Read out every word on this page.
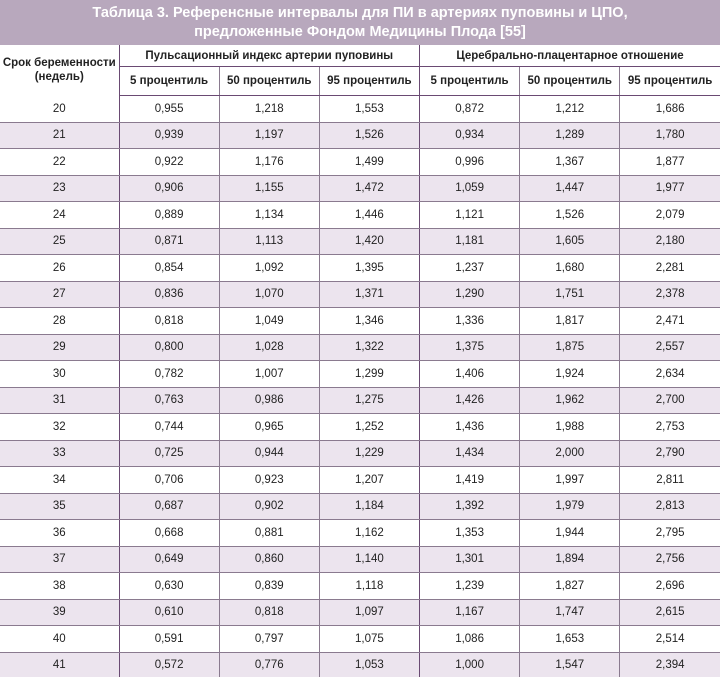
Таблица 3. Референсные интервалы для ПИ в артериях пуповины и ЦПО,
предложенные Фондом Медицины Плода [55]
Срок беременности (недель)	Пульсационный индекс артерии пуповины			Церебрально-плацентарное отношение		
	5 процентиль	50 процентиль	95 процентиль	5 процентиль	50 процентиль	95 процентиль
20	0,955	1,218	1,553	0,872	1,212	1,686
21	0,939	1,197	1,526	0,934	1,289	1,780
22	0,922	1,176	1,499	0,996	1,367	1,877
23	0,906	1,155	1,472	1,059	1,447	1,977
24	0,889	1,134	1,446	1,121	1,526	2,079
25	0,871	1,113	1,420	1,181	1,605	2,180
26	0,854	1,092	1,395	1,237	1,680	2,281
27	0,836	1,070	1,371	1,290	1,751	2,378
28	0,818	1,049	1,346	1,336	1,817	2,471
29	0,800	1,028	1,322	1,375	1,875	2,557
30	0,782	1,007	1,299	1,406	1,924	2,634
31	0,763	0,986	1,275	1,426	1,962	2,700
32	0,744	0,965	1,252	1,436	1,988	2,753
33	0,725	0,944	1,229	1,434	2,000	2,790
34	0,706	0,923	1,207	1,419	1,997	2,811
35	0,687	0,902	1,184	1,392	1,979	2,813
36	0,668	0,881	1,162	1,353	1,944	2,795
37	0,649	0,860	1,140	1,301	1,894	2,756
38	0,630	0,839	1,118	1,239	1,827	2,696
39	0,610	0,818	1,097	1,167	1,747	2,615
40	0,591	0,797	1,075	1,086	1,653	2,514
41	0,572	0,776	1,053	1,000	1,547	2,394
